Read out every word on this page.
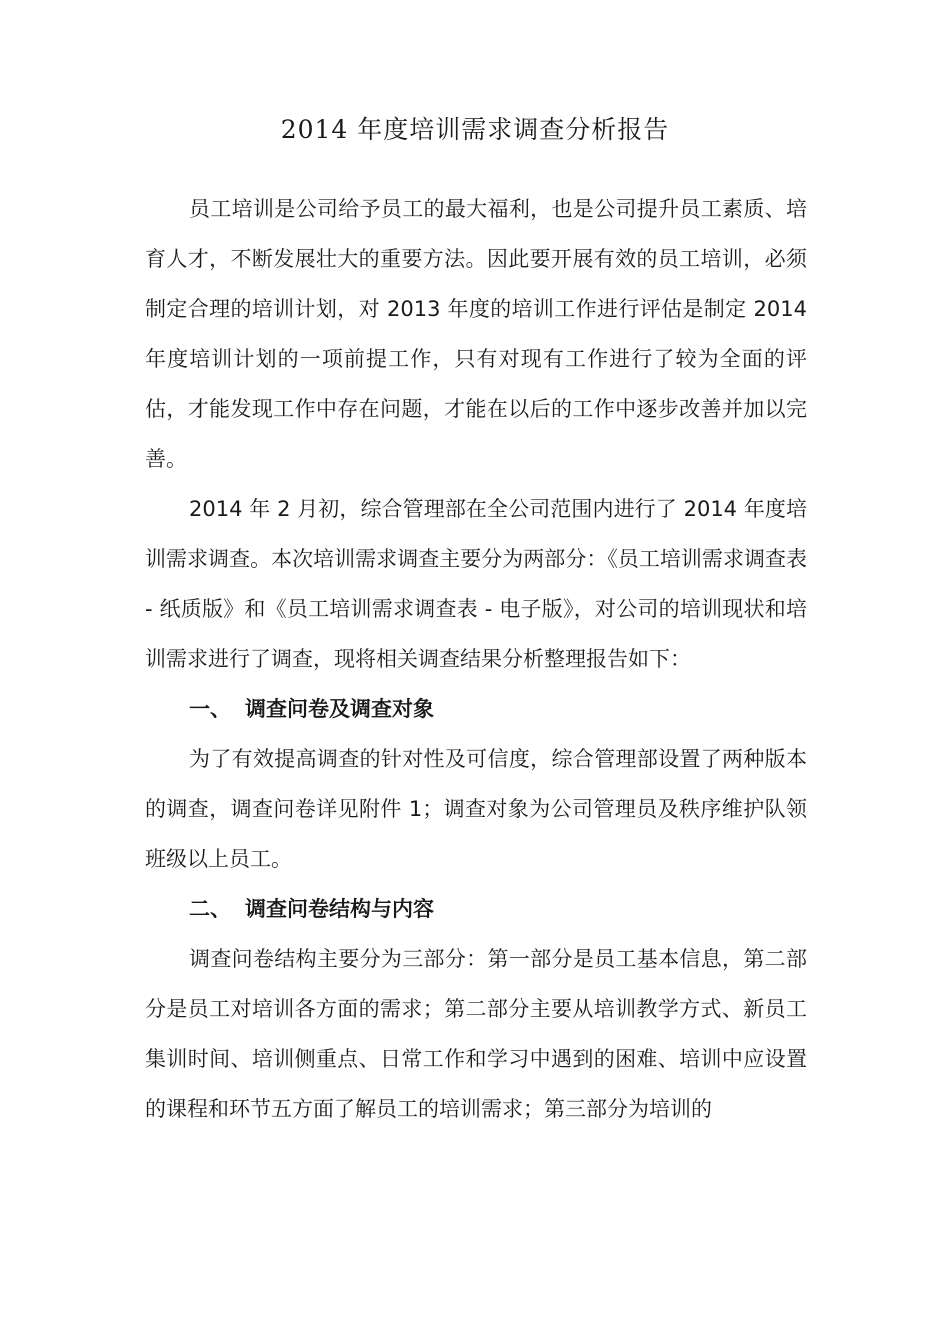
2014 年度培训需求调查分析报告

员工培训是公司给予员工的最大福利，也是公司提升员工素质、培育人才，不断发展壮大的重要方法。因此要开展有效的员工培训，必须制定合理的培训计划，对 2013 年度的培训工作进行评估是制定 2014 年度培训计划的一项前提工作，只有对现有工作进行了较为全面的评估，才能发现工作中存在问题，才能在以后的工作中逐步改善并加以完善。

2014 年 2 月初，综合管理部在全公司范围内进行了 2014 年度培训需求调查。本次培训需求调查主要分为两部分：《员工培训需求调查表 - 纸质版》和《员工培训需求调查表 - 电子版》，对公司的培训现状和培训需求进行了调查，现将相关调查结果分析整理报告如下：

一、 调查问卷及调查对象

为了有效提高调查的针对性及可信度，综合管理部设置了两种版本的调查，调查问卷详见附件 1；调查对象为公司管理员及秩序维护队领班级以上员工。

二、 调查问卷结构与内容

调查问卷结构主要分为三部分：第一部分是员工基本信息，第二部分是员工对培训各方面的需求；第二部分主要从培训教学方式、新员工集训时间、培训侧重点、日常工作和学习中遇到的困难、培训中应设置的课程和环节五方面了解员工的培训需求；第三部分为培训的
